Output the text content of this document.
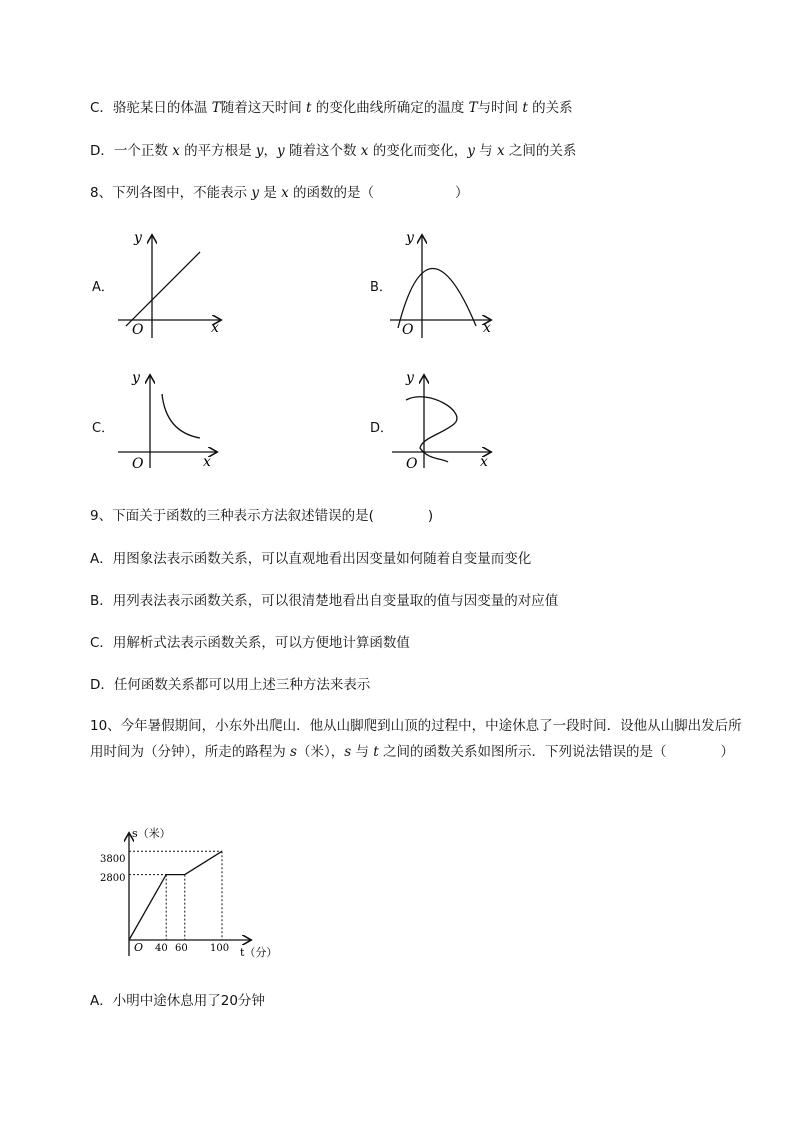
C．骆驼某日的体温 T随着这天时间 t 的变化曲线所确定的温度 T与时间 t 的关系
D．一个正数 x 的平方根是 y，y 随着这个数 x 的变化而变化，y 与 x 之间的关系
8、下列各图中，不能表示 y 是 x 的函数的是（　　　　　　）
A．	B．
C．	D．
y
x
O
y
x
O
y
x
O
y
x
O
9、下面关于函数的三种表示方法叙述错误的是(　　　　)
A．用图象法表示函数关系，可以直观地看出因变量如何随着自变量而变化
B．用列表法表示函数关系，可以很清楚地看出自变量取的值与因变量的对应值
C．用解析式法表示函数关系，可以方便地计算函数值
D．任何函数关系都可以用上述三种方法来表示
10、今年暑假期间，小东外出爬山．他从山脚爬到山顶的过程中，中途休息了一段时间．设他从山脚出发后所用时间为（分钟），所走的路程为 s（米），s 与 t 之间的函数关系如图所示．下列说法错误的是（　　　　）
s（米）
t（分）
O
3800
2800
40 60 100
A．小明中途休息用了20分钟
